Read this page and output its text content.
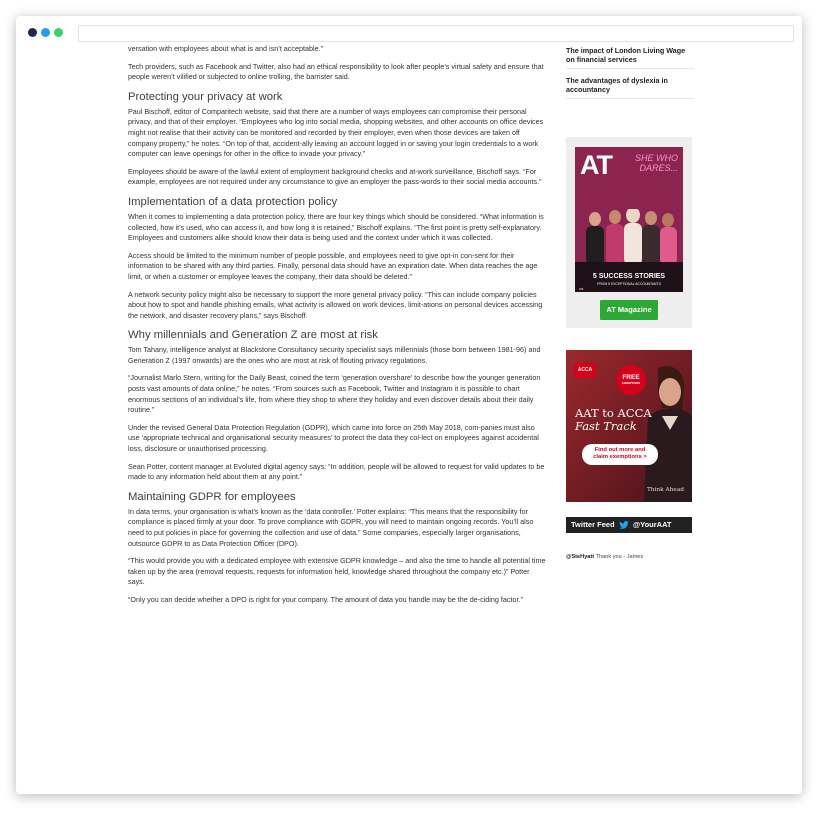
versation with employees about what is and isn’t acceptable.”

Tech providers, such as Facebook and Twitter, also had an ethical responsibility to look after people’s virtual safety and ensure that people weren’t vilified or subjected to online trolling, the barrister said.

Protecting your privacy at work

Paul Bischoff, editor of Comparitech website, said that there are a number of ways employees can compromise their personal privacy, and that of their employer. “Employees who log into social media, shopping websites, and other accounts on office devices might not realise that their activity can be monitored and recorded by their employer, even when those devices are taken off company property,” he notes. “On top of that, accident-ally leaving an account logged in or saving your login credentials to a work computer can leave openings for other in the office to invade your privacy.”

Employees should be aware of the lawful extent of employment background checks and at-work surveillance, Bischoff says. “For example, employees are not required under any circumstance to give an employer the pass-words to their social media accounts.”

Implementation of a data protection policy

When it comes to implementing a data protection policy, there are four key things which should be considered. “What information is collected, how it’s used, who can access it, and how long it is retained,” Bischoff explains. “The first point is pretty self-explanatory. Employees and customers alike should know their data is being used and the context under which it was collected.

Access should be limited to the minimum number of people possible, and employees need to give opt-in con-sent for their information to be shared with any third parties. Finally, personal data should have an expiration date. When data reaches the age limit, or when a customer or employee leaves the company, their data should be deleted.”

A network security policy might also be necessary to support the more general privacy policy. “This can include company policies about how to spot and handle phishing emails, what activity is allowed on work devices, limit-ations on personal devices accessing the network, and disaster recovery plans,” says Bischoff.

Why millennials and Generation Z are most at risk

Tom Tahany, intelligence analyst at Blackstone Consultancy security specialist says millennials (those born between 1981-96) and Generation Z (1997 onwards) are the ones who are most at risk of flouting privacy regulations.

“Journalist Marlo Stern, writing for the Daily Beast, coined the term ‘generation overshare’ to describe how the younger generation posts vast amounts of data online,” he notes. “From sources such as Facebook, Twitter and Instagram it is possible to chart enormous sections of an individual’s life, from where they shop to where they holiday and even discover details about their daily routine.”

Under the revised General Data Protection Regulation (GDPR), which came into force on 25th May 2018, com-panies must also use ‘appropriate technical and organisational security measures’ to protect the data they col-lect on employees against accidental loss, disclosure or unauthorised processing.

Sean Potter, content manager at Evoluted digital agency says: “In addition, people will be allowed to request for valid updates to be made to any information held about them at any point.”

Maintaining GDPR for employees

In data terms, your organisation is what’s known as the ‘data controller.’ Potter explains: “This means that the responsibility for compliance is placed firmly at your door. To prove compliance with GDPR, you will need to maintain ongoing records. You’ll also need to put policies in place for governing the collection and use of data.” Some companies, especially larger organisations, outsource GDPR to as Data Protection Officer (DPO).

“This would provide you with a dedicated employee with extensive GDPR knowledge – and also the time to handle all potential time taken up by the area (removal requests, requests for information held, knowledge shared throughout the company etc.)” Potter says.

“Only you can decide whether a DPO is right for your company. The amount of data you handle may be the de-ciding factor.”

The impact of London Living Wage on financial services
The advantages of dyslexia in accountancy
AT	SHE WHO DARES...
5 SUCCESS STORIES
FROM 5 EXCEPTIONAL ACCOUNTANTS
aat
AT Magazine
ACCA
FREE
EXEMPTIONS
AAT to ACCA
Fast Track
Find out more and
claim exemptions >
Think Ahead
Twitter Feed @YourAAT
@SteHyatt Thank you - James
